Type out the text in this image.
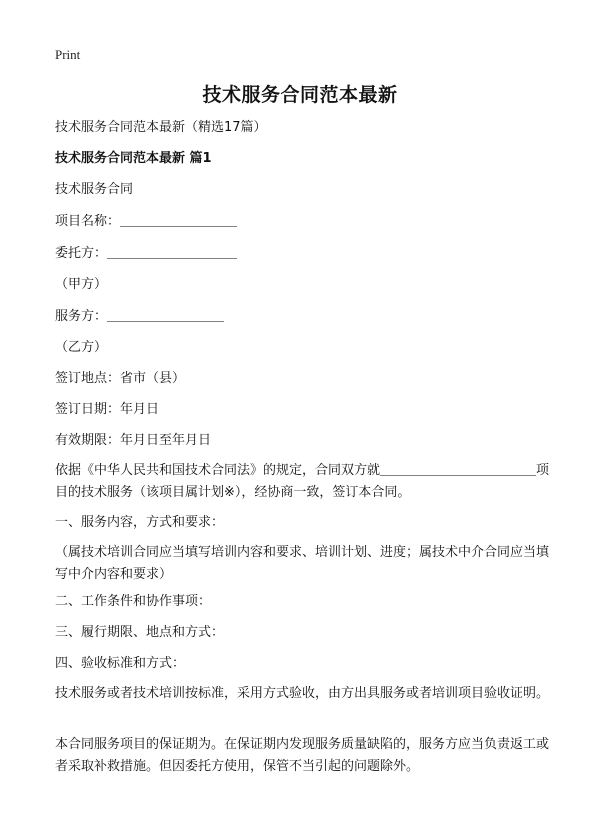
Print
技术服务合同范本最新
技术服务合同范本最新（精选17篇）
技术服务合同范本最新 篇1
技术服务合同
项目名称：＿＿＿＿＿＿＿＿＿
委托方：＿＿＿＿＿＿＿＿＿＿
（甲方）
服务方：＿＿＿＿＿＿＿＿＿
（乙方）
签订地点：省市（县）
签订日期：年月日
有效期限：年月日至年月日
依据《中华人民共和国技术合同法》的规定，合同双方就＿＿＿＿＿＿＿＿＿＿＿＿项目的技术服务（该项目属计划※），经协商一致，签订本合同。
一、服务内容，方式和要求：
（属技术培训合同应当填写培训内容和要求、培训计划、进度；属技术中介合同应当填写中介内容和要求）
二、工作条件和协作事项：
三、履行期限、地点和方式：
四、验收标准和方式：
技术服务或者技术培训按标准，采用方式验收，由方出具服务或者培训项目验收证明。
本合同服务项目的保证期为。在保证期内发现服务质量缺陷的，服务方应当负责返工或者采取补救措施。但因委托方使用，保管不当引起的问题除外。
